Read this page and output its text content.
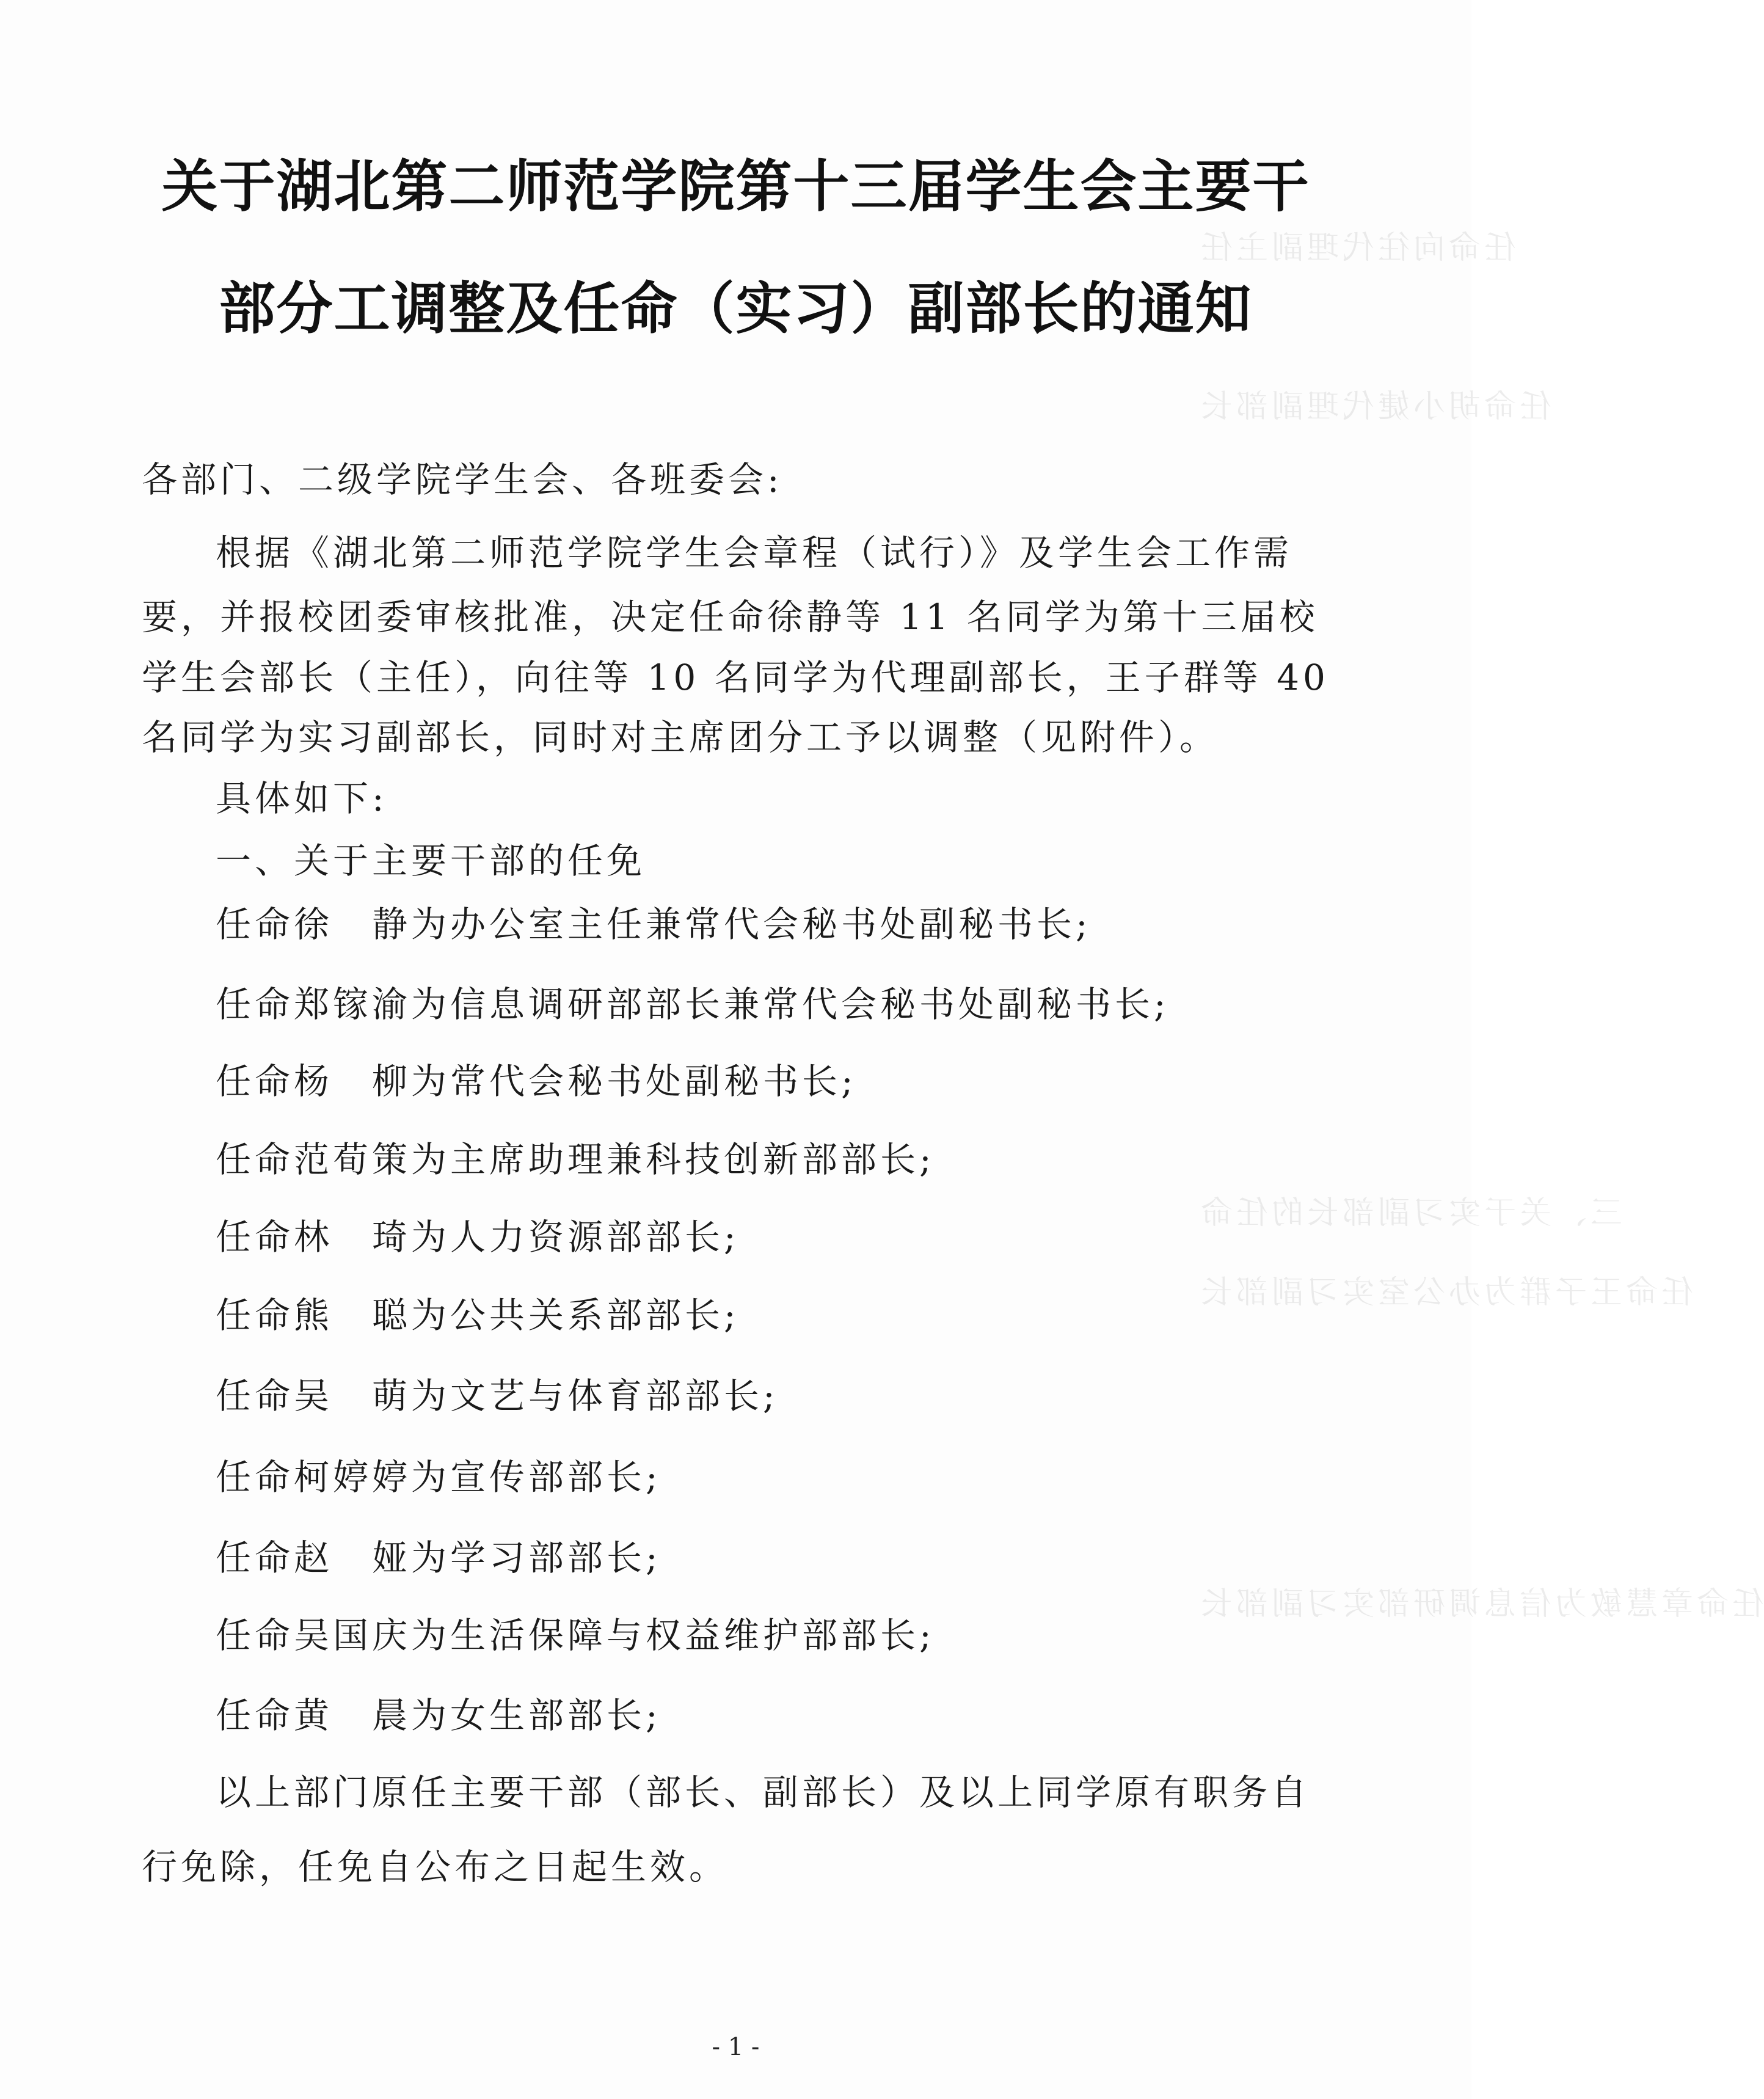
任命向往代理副主任
任命胡小婕代理副部长
三、关于实习副部长的任命
任命王子群为办公室实习副部长
任命章慧敏为信息调研部实习副部长
关于湖北第二师范学院第十三届学生会主要干
部分工调整及任命（实习）副部长的通知
各部门、二级学院学生会、各班委会:
根据《湖北第二师范学院学生会章程（试行）》及学生会工作需
要，并报校团委审核批准，决定任命徐静等 11 名同学为第十三届校
学生会部长（主任），向往等 10 名同学为代理副部长，王子群等 40
名同学为实习副部长，同时对主席团分工予以调整（见附件）。
具体如下:
一、关于主要干部的任免
任命徐　静为办公室主任兼常代会秘书处副秘书长;
任命郑镓渝为信息调研部部长兼常代会秘书处副秘书长;
任命杨　柳为常代会秘书处副秘书长;
任命范荀策为主席助理兼科技创新部部长;
任命林　琦为人力资源部部长;
任命熊　聪为公共关系部部长;
任命吴　萌为文艺与体育部部长;
任命柯婷婷为宣传部部长;
任命赵　娅为学习部部长;
任命吴国庆为生活保障与权益维护部部长;
任命黄　晨为女生部部长;
以上部门原任主要干部（部长、副部长）及以上同学原有职务自
行免除，任免自公布之日起生效。
- 1 -
